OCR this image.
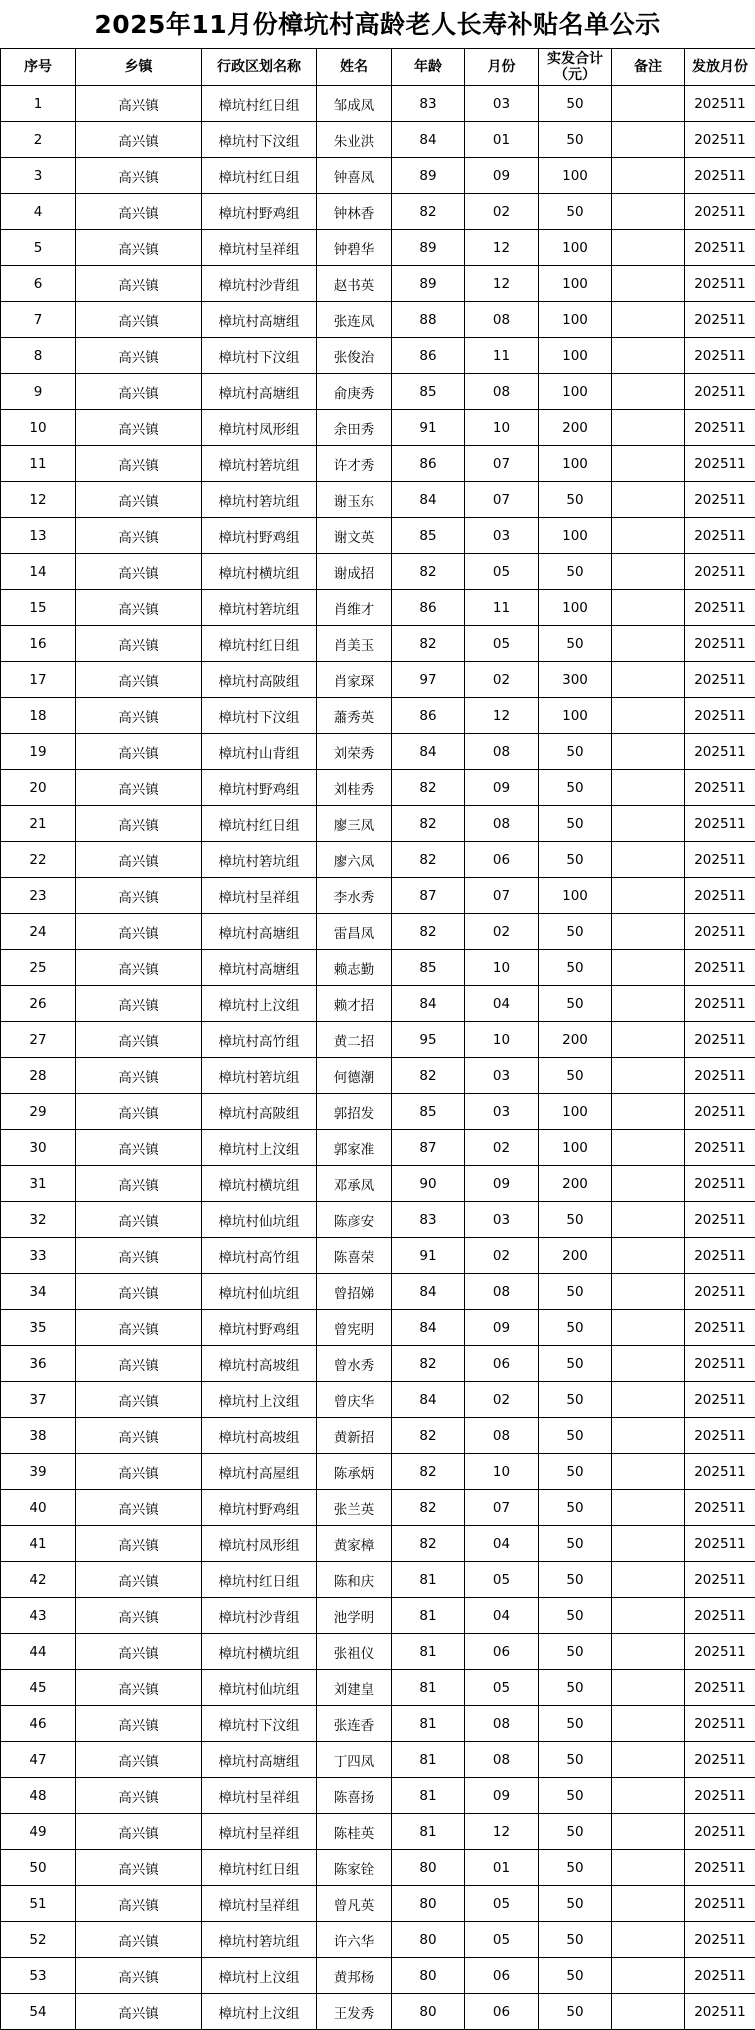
2025年11月份樟坑村高龄老人长寿补贴名单公示
序号	乡镇	行政区划名称	姓名	年龄	月份	实发合计（元）	备注	发放月份
1	高兴镇	樟坑村红日组	邹成凤	83	03	50		202511
2	高兴镇	樟坑村下汶组	朱业洪	84	01	50		202511
3	高兴镇	樟坑村红日组	钟喜凤	89	09	100		202511
4	高兴镇	樟坑村野鸡组	钟林香	82	02	50		202511
5	高兴镇	樟坑村呈祥组	钟碧华	89	12	100		202511
6	高兴镇	樟坑村沙背组	赵书英	89	12	100		202511
7	高兴镇	樟坑村高塘组	张连凤	88	08	100		202511
8	高兴镇	樟坑村下汶组	张俊治	86	11	100		202511
9	高兴镇	樟坑村高塘组	俞庚秀	85	08	100		202511
10	高兴镇	樟坑村凤形组	余田秀	91	10	200		202511
11	高兴镇	樟坑村箬坑组	许才秀	86	07	100		202511
12	高兴镇	樟坑村箬坑组	谢玉东	84	07	50		202511
13	高兴镇	樟坑村野鸡组	谢文英	85	03	100		202511
14	高兴镇	樟坑村横坑组	谢成招	82	05	50		202511
15	高兴镇	樟坑村箬坑组	肖维才	86	11	100		202511
16	高兴镇	樟坑村红日组	肖美玉	82	05	50		202511
17	高兴镇	樟坑村高陂组	肖家琛	97	02	300		202511
18	高兴镇	樟坑村下汶组	蕭秀英	86	12	100		202511
19	高兴镇	樟坑村山背组	刘荣秀	84	08	50		202511
20	高兴镇	樟坑村野鸡组	刘桂秀	82	09	50		202511
21	高兴镇	樟坑村红日组	廖三凤	82	08	50		202511
22	高兴镇	樟坑村箬坑组	廖六凤	82	06	50		202511
23	高兴镇	樟坑村呈祥组	李水秀	87	07	100		202511
24	高兴镇	樟坑村高塘组	雷昌凤	82	02	50		202511
25	高兴镇	樟坑村高塘组	赖志勤	85	10	50		202511
26	高兴镇	樟坑村上汶组	赖才招	84	04	50		202511
27	高兴镇	樟坑村高竹组	黄二招	95	10	200		202511
28	高兴镇	樟坑村箬坑组	何德潮	82	03	50		202511
29	高兴镇	樟坑村高陂组	郭招发	85	03	100		202511
30	高兴镇	樟坑村上汶组	郭家准	87	02	100		202511
31	高兴镇	樟坑村横坑组	邓承凤	90	09	200		202511
32	高兴镇	樟坑村仙坑组	陈彦安	83	03	50		202511
33	高兴镇	樟坑村高竹组	陈喜荣	91	02	200		202511
34	高兴镇	樟坑村仙坑组	曾招娣	84	08	50		202511
35	高兴镇	樟坑村野鸡组	曾宪明	84	09	50		202511
36	高兴镇	樟坑村高坡组	曾水秀	82	06	50		202511
37	高兴镇	樟坑村上汶组	曾庆华	84	02	50		202511
38	高兴镇	樟坑村高坡组	黄新招	82	08	50		202511
39	高兴镇	樟坑村高屋组	陈承炳	82	10	50		202511
40	高兴镇	樟坑村野鸡组	张兰英	82	07	50		202511
41	高兴镇	樟坑村凤形组	黄家樟	82	04	50		202511
42	高兴镇	樟坑村红日组	陈和庆	81	05	50		202511
43	高兴镇	樟坑村沙背组	池学明	81	04	50		202511
44	高兴镇	樟坑村横坑组	张祖仪	81	06	50		202511
45	高兴镇	樟坑村仙坑组	刘建皇	81	05	50		202511
46	高兴镇	樟坑村下汶组	张连香	81	08	50		202511
47	高兴镇	樟坑村高塘组	丁四凤	81	08	50		202511
48	高兴镇	樟坑村呈祥组	陈喜扬	81	09	50		202511
49	高兴镇	樟坑村呈祥组	陈桂英	81	12	50		202511
50	高兴镇	樟坑村红日组	陈家铨	80	01	50		202511
51	高兴镇	樟坑村呈祥组	曾凡英	80	05	50		202511
52	高兴镇	樟坑村箬坑组	许六华	80	05	50		202511
53	高兴镇	樟坑村上汶组	黄邦杨	80	06	50		202511
54	高兴镇	樟坑村上汶组	王发秀	80	06	50		202511
